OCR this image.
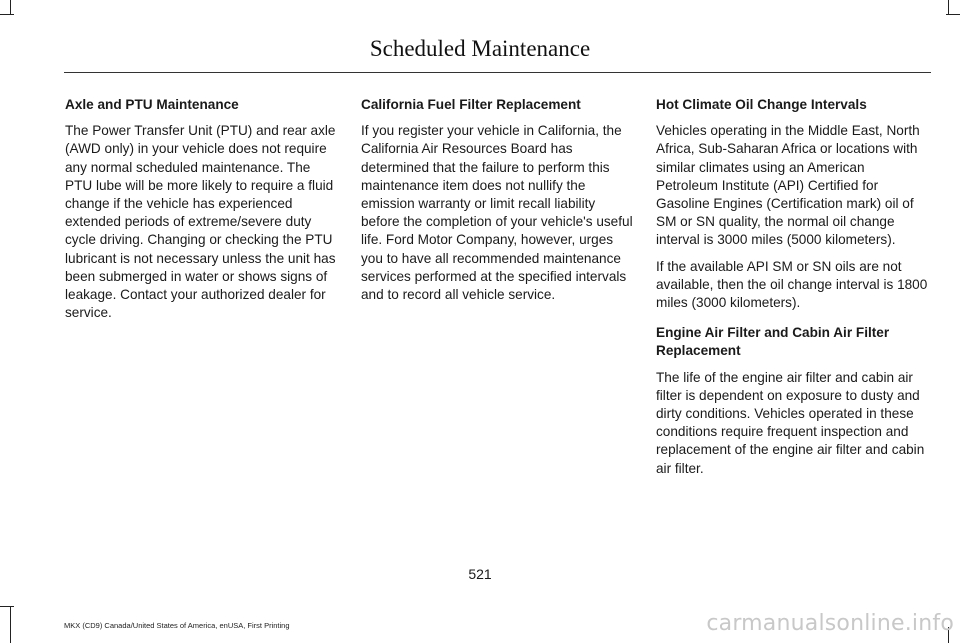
Scheduled Maintenance
Axle and PTU Maintenance

The Power Transfer Unit (PTU) and rear axle (AWD only) in your vehicle does not require any normal scheduled maintenance. The PTU lube will be more likely to require a fluid change if the vehicle has experienced extended periods of extreme/severe duty cycle driving. Changing or checking the PTU lubricant is not necessary unless the unit has been submerged in water or shows signs of leakage. Contact your authorized dealer for service.

California Fuel Filter Replacement

If you register your vehicle in California, the California Air Resources Board has determined that the failure to perform this maintenance item does not nullify the emission warranty or limit recall liability before the completion of your vehicle's useful life. Ford Motor Company, however, urges you to have all recommended maintenance services performed at the specified intervals and to record all vehicle service.

Hot Climate Oil Change Intervals

Vehicles operating in the Middle East, North Africa, Sub-Saharan Africa or locations with similar climates using an American Petroleum Institute (API) Certified for Gasoline Engines (Certification mark) oil of SM or SN quality, the normal oil change interval is 3000 miles (5000 kilometers).

If the available API SM or SN oils are not available, then the oil change interval is 1800 miles (3000 kilometers).

Engine Air Filter and Cabin Air Filter Replacement

The life of the engine air filter and cabin air filter is dependent on exposure to dusty and dirty conditions. Vehicles operated in these conditions require frequent inspection and replacement of the engine air filter and cabin air filter.

521
MKX (CD9) Canada/United States of America, enUSA, First Printing	carmanualsonline.info
